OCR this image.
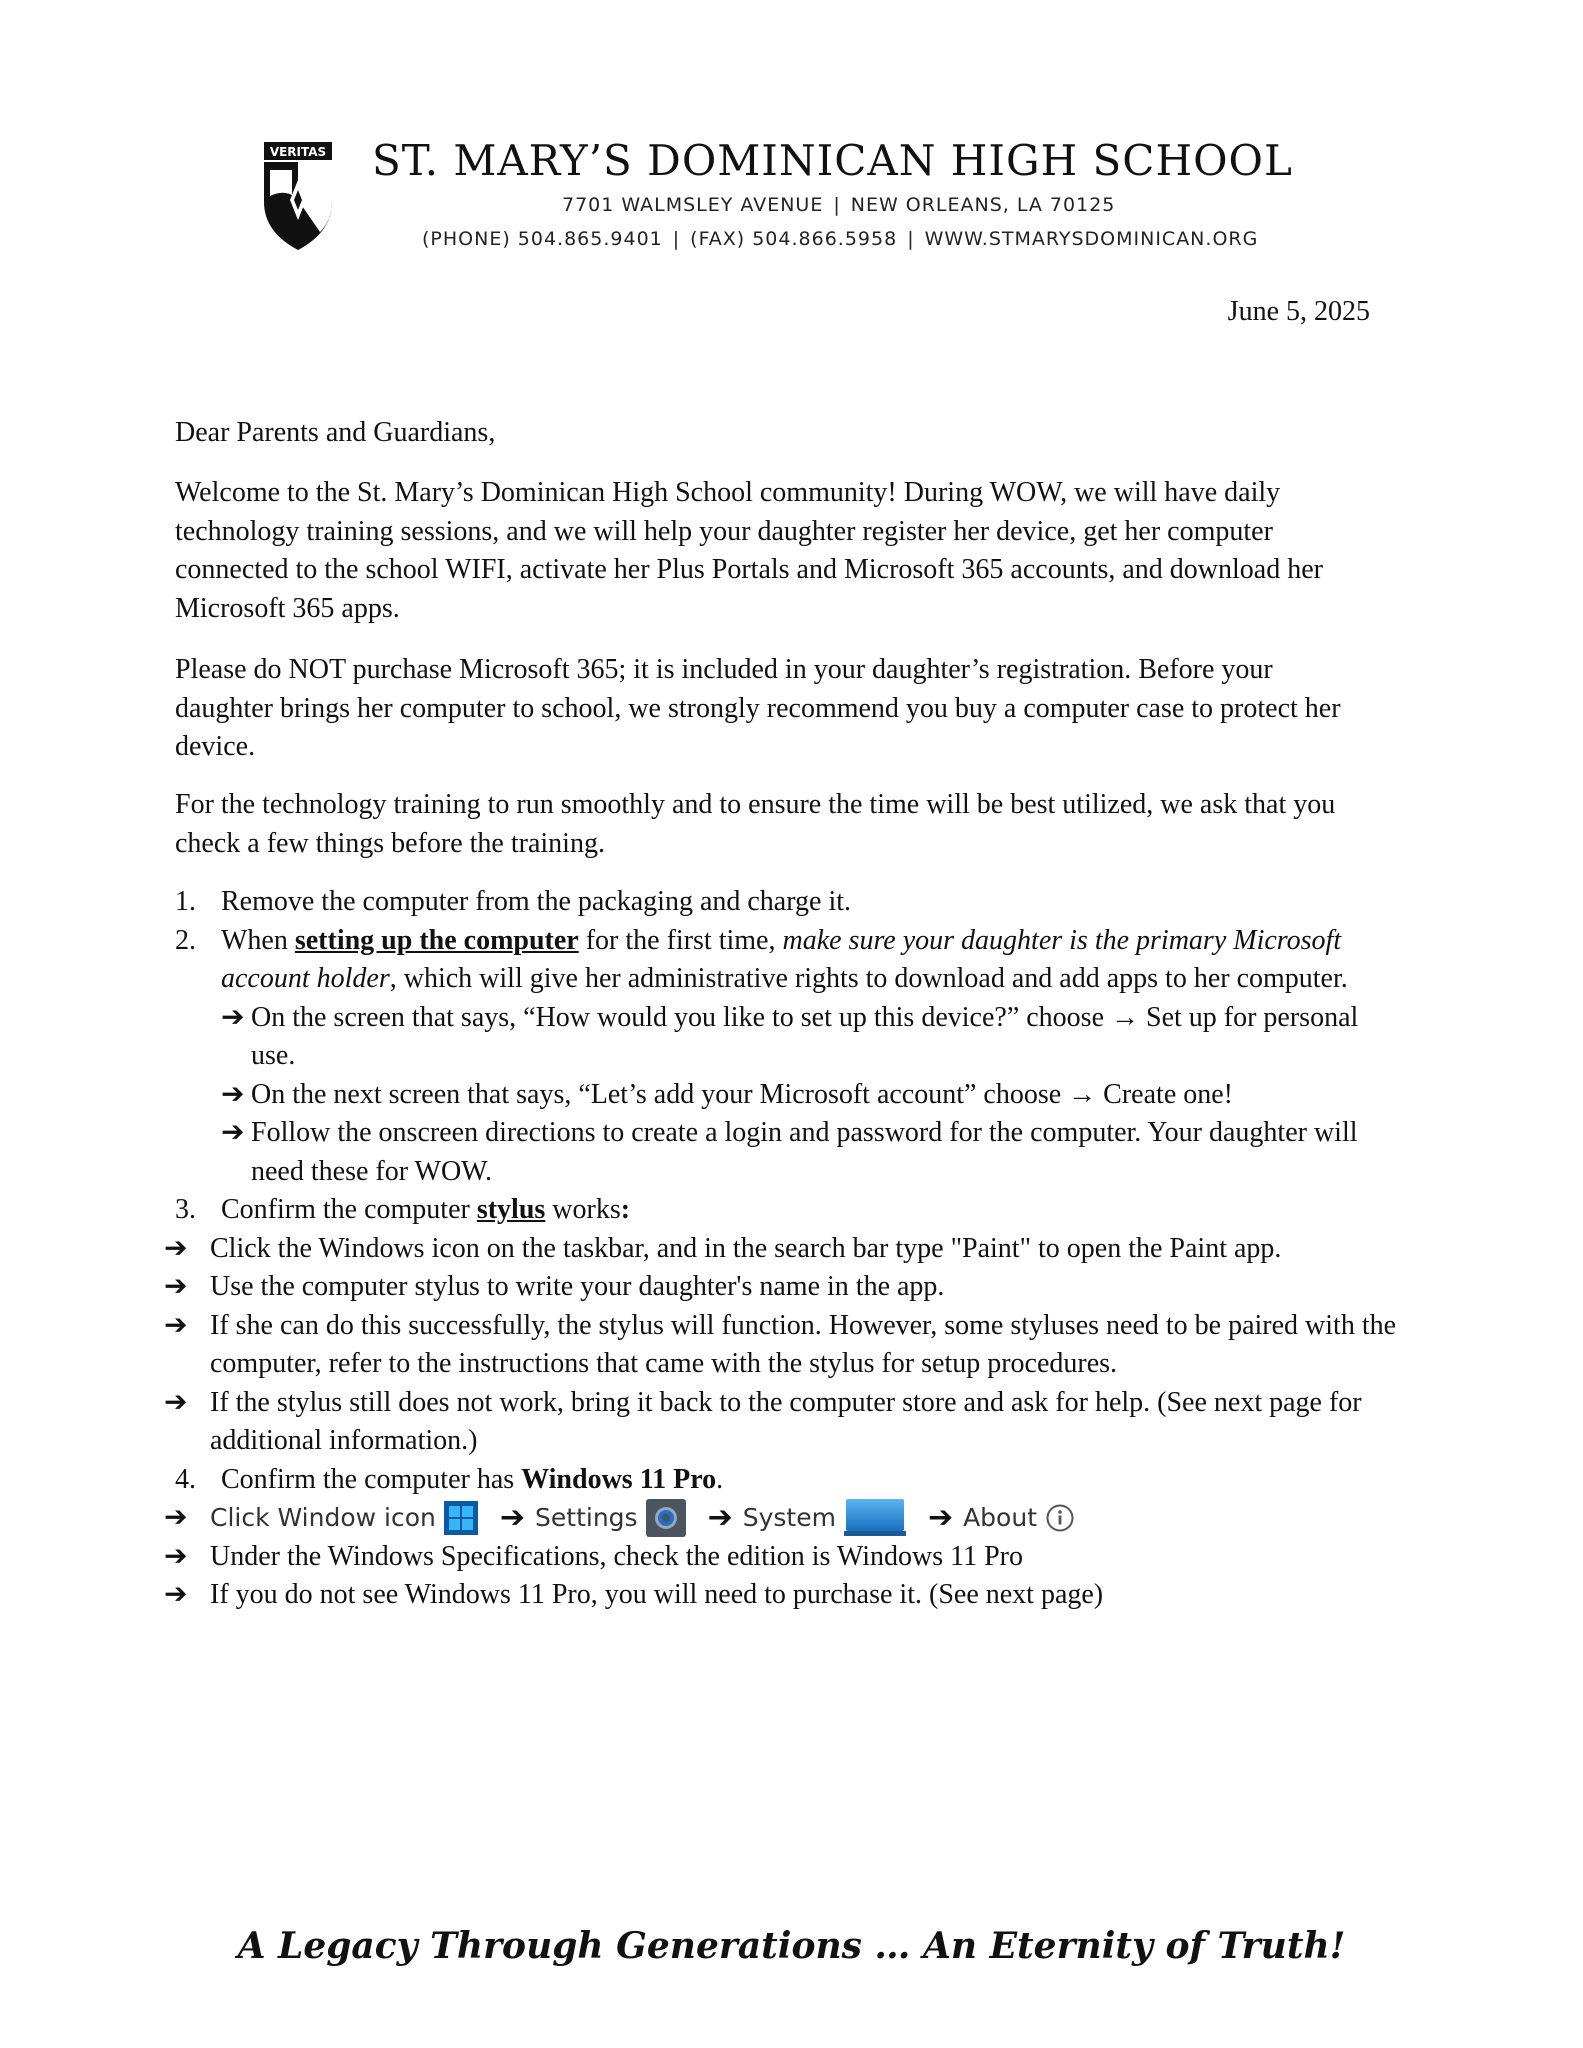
VERITAS ST. MARY’S DOMINICAN HIGH SCHOOL
7701 WALMSLEY AVENUE | NEW ORLEANS, LA 70125
(PHONE) 504.865.9401 | (FAX) 504.866.5958 | WWW.STMARYSDOMINICAN.ORG
June 5, 2025

Dear Parents and Guardians,

Welcome to the St. Mary’s Dominican High School community! During WOW, we will have daily technology training sessions, and we will help your daughter register her device, get her computer connected to the school WIFI, activate her Plus Portals and Microsoft 365 accounts, and download her Microsoft 365 apps.

Please do NOT purchase Microsoft 365; it is included in your daughter’s registration. Before your daughter brings her computer to school, we strongly recommend you buy a computer case to protect her device.

For the technology training to run smoothly and to ensure the time will be best utilized, we ask that you check a few things before the training.

1. Remove the computer from the packaging and charge it.
2. When setting up the computer for the first time, make sure your daughter is the primary Microsoft account holder, which will give her administrative rights to download and add apps to her computer.
➔ On the screen that says, “How would you like to set up this device?” choose → Set up for personal use.
➔ On the next screen that says, “Let’s add your Microsoft account” choose → Create one!
➔ Follow the onscreen directions to create a login and password for the computer. Your daughter will need these for WOW.
3. Confirm the computer stylus works:
➔ Click the Windows icon on the taskbar, and in the search bar type "Paint" to open the Paint app.
➔ Use the computer stylus to write your daughter's name in the app.
➔ If she can do this successfully, the stylus will function. However, some styluses need to be paired with the computer, refer to the instructions that came with the stylus for setup procedures.
➔ If the stylus still does not work, bring it back to the computer store and ask for help. (See next page for additional information.)
4. Confirm the computer has Windows 11 Pro.
➔ Click Window icon ➔ Settings ➔ System	➔ About
➔ Under the Windows Specifications, check the edition is Windows 11 Pro
➔ If you do not see Windows 11 Pro, you will need to purchase it. (See next page)
A Legacy Through Generations … An Eternity of Truth!
